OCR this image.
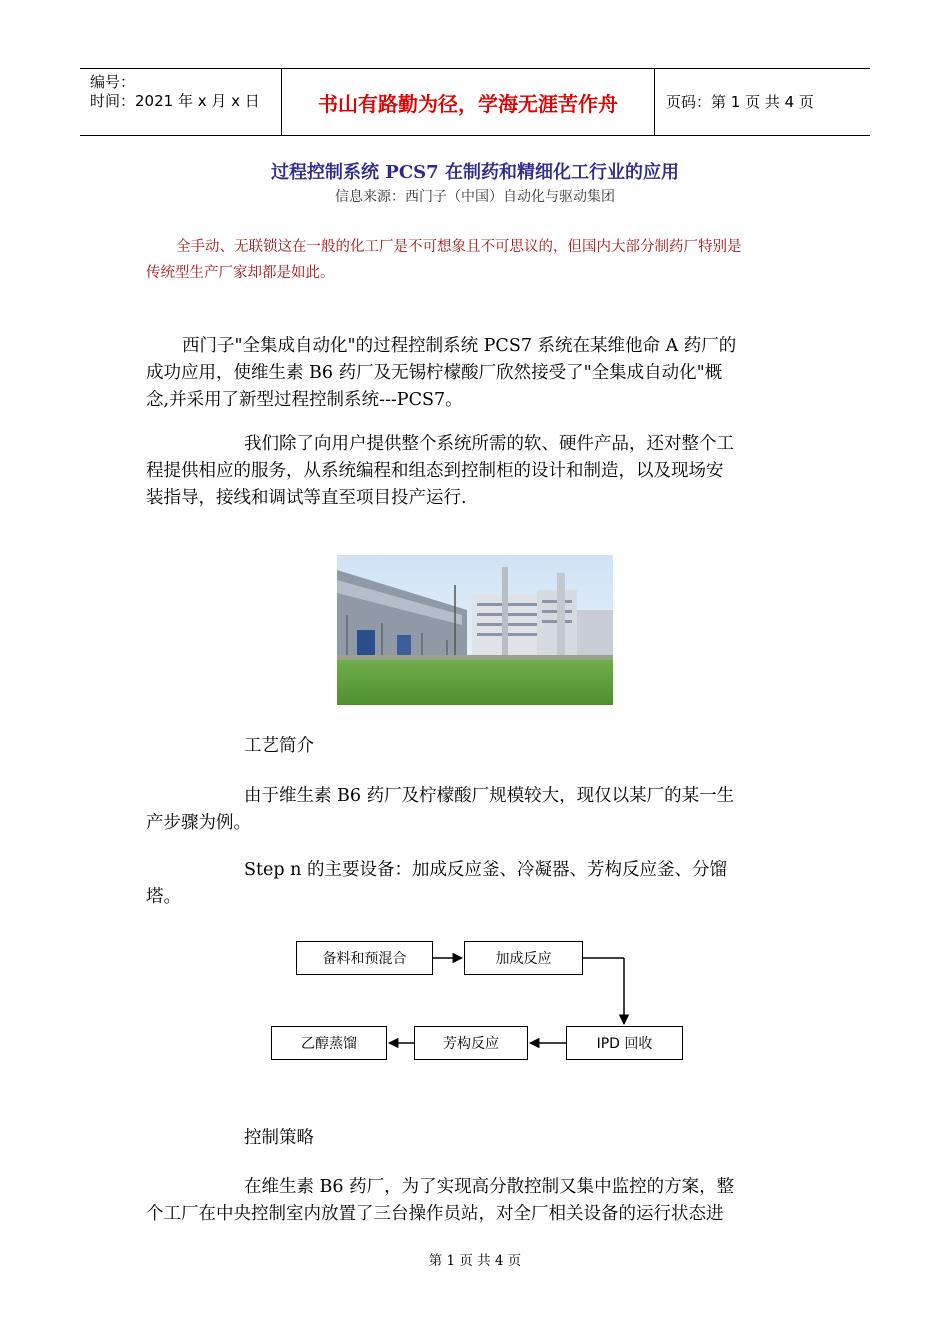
编号：
时间：2021 年 x 月 x 日	书山有路勤为径，学海无涯苦作舟	页码：第 1 页 共 4 页
过程控制系统 PCS7 在制药和精细化工行业的应用
信息来源：西门子（中国）自动化与驱动集团
全手动、无联锁这在一般的化工厂是不可想象且不可思议的，但国内大部分制药厂特别是
传统型生产厂家却都是如此。
西门子"全集成自动化"的过程控制系统 PCS7 系统在某维他命 A 药厂的
成功应用，使维生素 B6 药厂及无锡柠檬酸厂欣然接受了"全集成自动化"概
念,并采用了新型过程控制系统---PCS7。
我们除了向用户提供整个系统所需的软、硬件产品，还对整个工
程提供相应的服务，从系统编程和组态到控制柜的设计和制造，以及现场安
装指导，接线和调试等直至项目投产运行.
工艺简介
由于维生素 B6 药厂及柠檬酸厂规模较大，现仅以某厂的某一生
产步骤为例。
Step n 的主要设备：加成反应釜、冷凝器、芳构反应釜、分馏
塔。
备料和预混合	加成反应
IPD 回收
芳构反应
乙醇蒸馏
控制策略
在维生素 B6 药厂，为了实现高分散控制又集中监控的方案，整
个工厂在中央控制室内放置了三台操作员站，对全厂相关设备的运行状态进
第 1 页 共 4 页
